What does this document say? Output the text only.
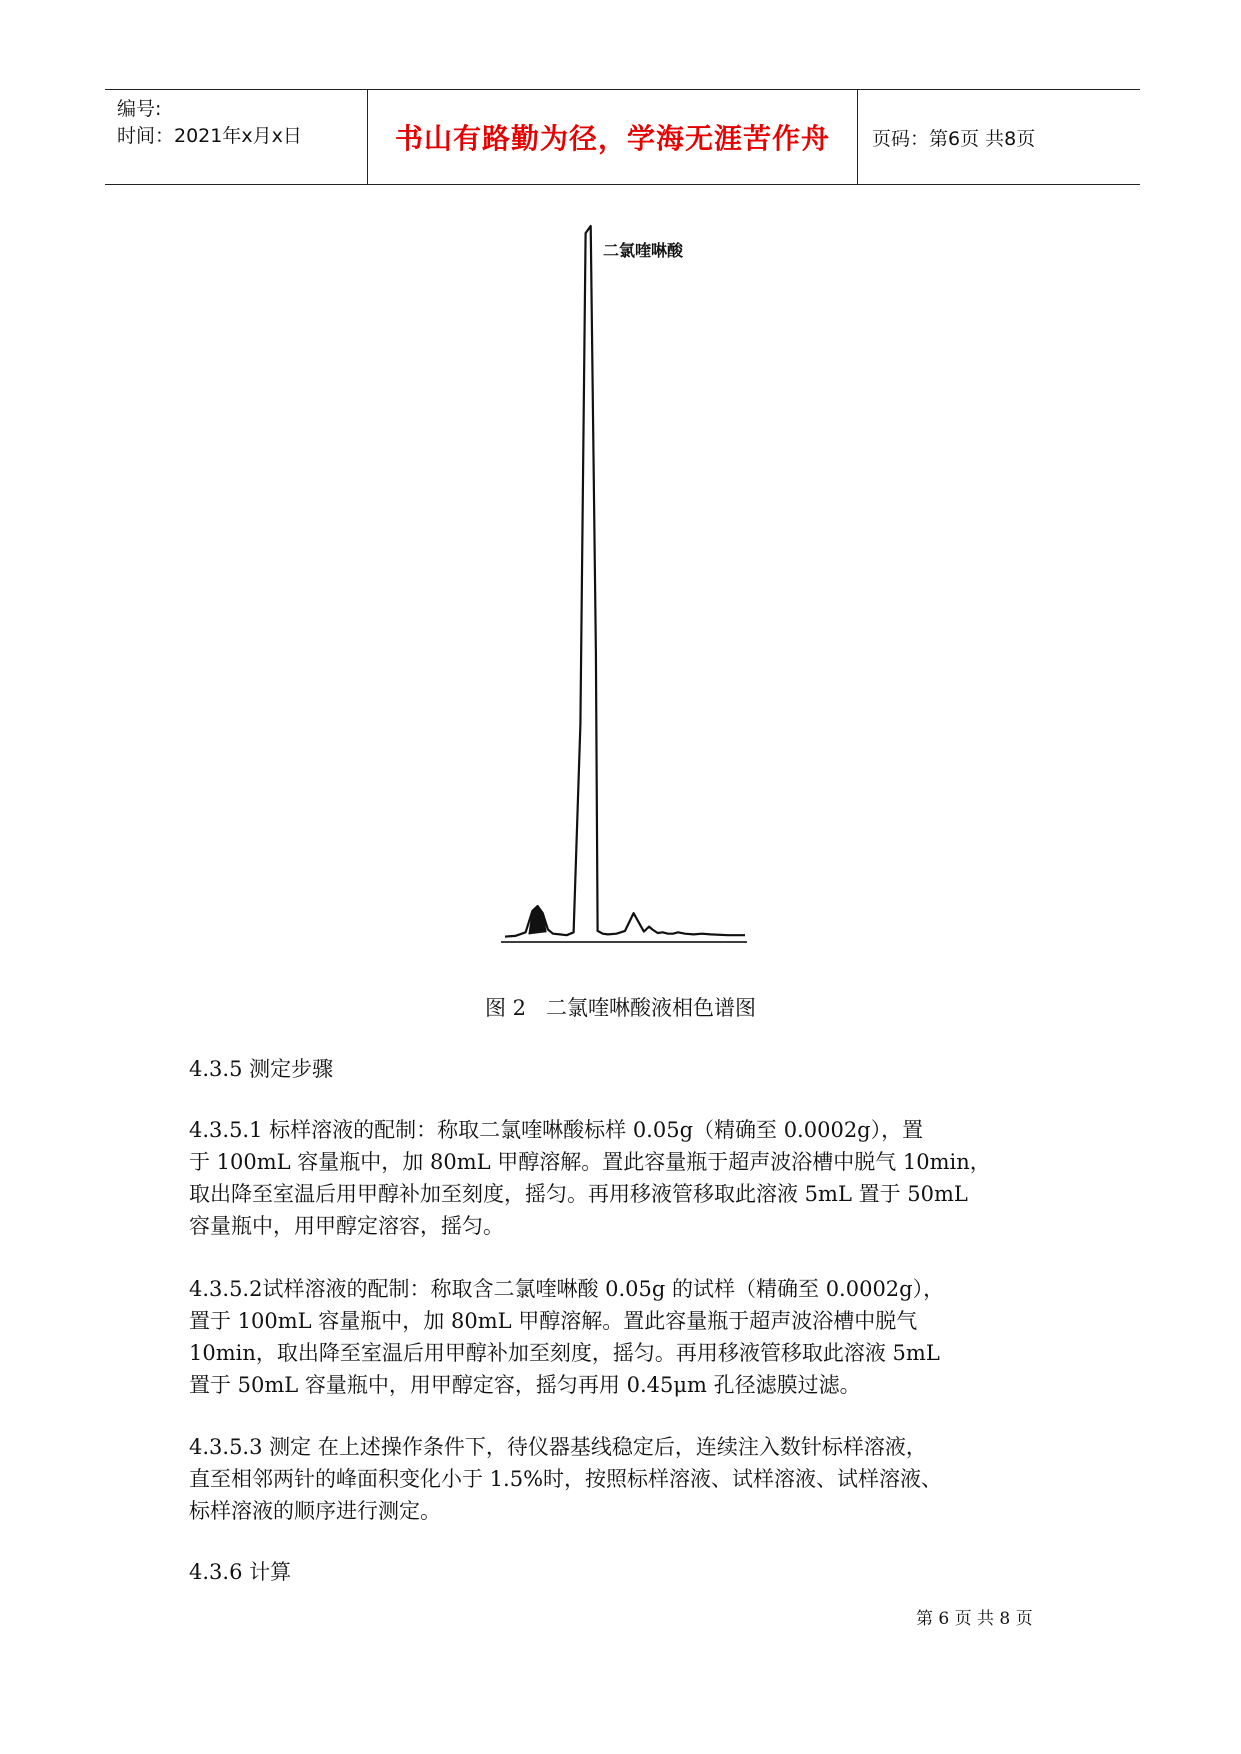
编号:
时间：2021年x月x日	书山有路勤为径，学海无涯苦作舟 页码：第6页 共8页
二氯喹啉酸
图 2   二氯喹啉酸液相色谱图
4.3.5 测定步骤
4.3.5.1 标样溶液的配制：称取二氯喹啉酸标样 0.05g（精确至 0.0002g），置
于 100mL 容量瓶中，加 80mL 甲醇溶解。置此容量瓶于超声波浴槽中脱气 10min，
取出降至室温后用甲醇补加至刻度，摇匀。再用移液管移取此溶液 5mL 置于 50mL
容量瓶中，用甲醇定溶容，摇匀。
4.3.5.2试样溶液的配制：称取含二氯喹啉酸 0.05g 的试样（精确至 0.0002g），
置于 100mL 容量瓶中，加 80mL 甲醇溶解。置此容量瓶于超声波浴槽中脱气
10min，取出降至室温后用甲醇补加至刻度，摇匀。再用移液管移取此溶液 5mL
置于 50mL 容量瓶中，用甲醇定容，摇匀再用 0.45μm 孔径滤膜过滤。
4.3.5.3 测定 在上述操作条件下，待仪器基线稳定后，连续注入数针标样溶液，
直至相邻两针的峰面积变化小于 1.5%时，按照标样溶液、试样溶液、试样溶液、
标样溶液的顺序进行测定。
4.3.6 计算
第 6 页 共 8 页
